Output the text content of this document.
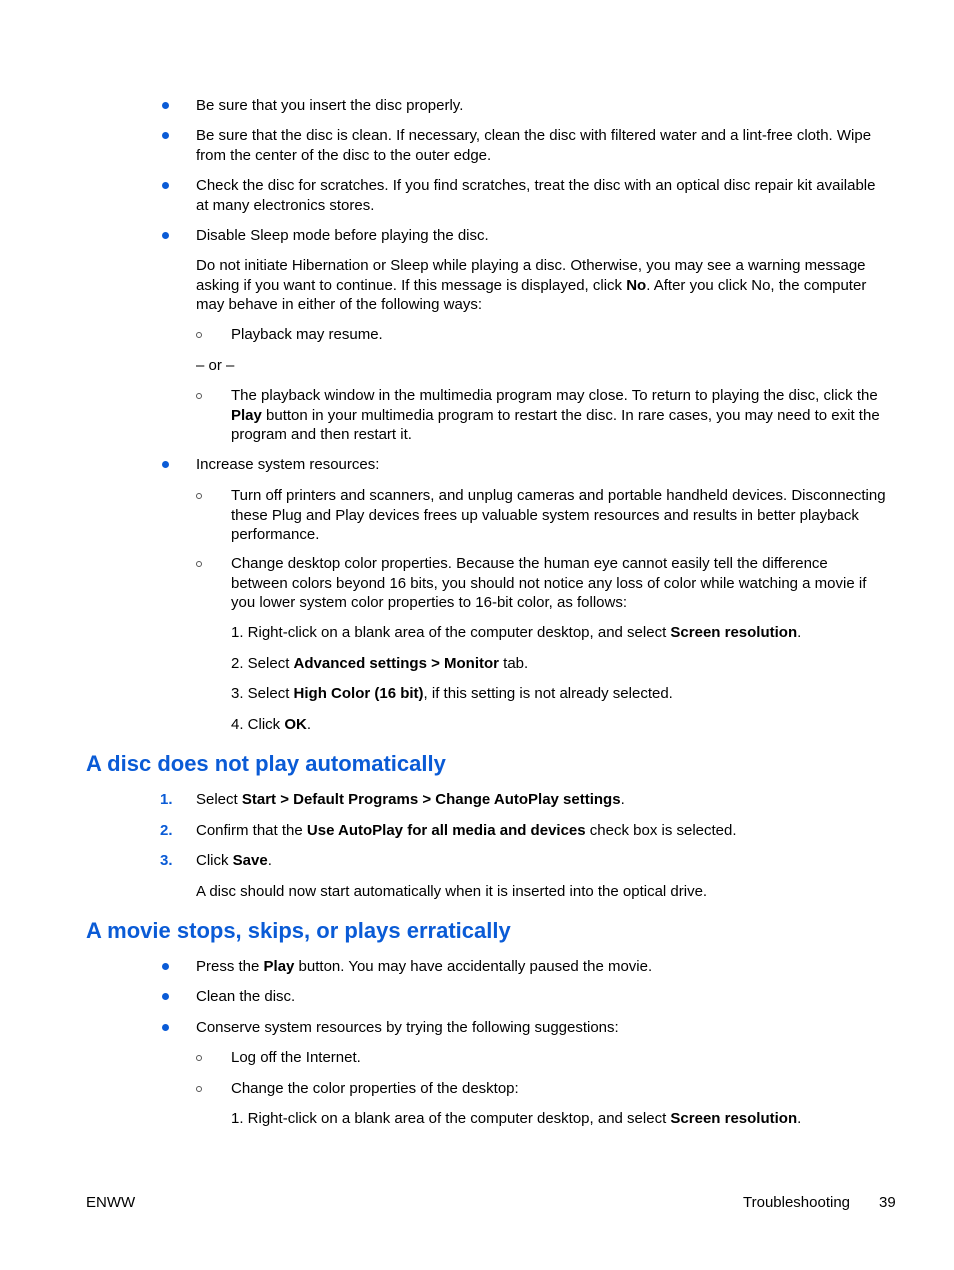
Be sure that you insert the disc properly.
Be sure that the disc is clean. If necessary, clean the disc with filtered water and a lint-free cloth. Wipe from the center of the disc to the outer edge.
Check the disc for scratches. If you find scratches, treat the disc with an optical disc repair kit available at many electronics stores.
Disable Sleep mode before playing the disc.
Do not initiate Hibernation or Sleep while playing a disc. Otherwise, you may see a warning message asking if you want to continue. If this message is displayed, click No. After you click No, the computer may behave in either of the following ways:
Playback may resume.
– or –
The playback window in the multimedia program may close. To return to playing the disc, click the Play button in your multimedia program to restart the disc. In rare cases, you may need to exit the program and then restart it.
Increase system resources:
Turn off printers and scanners, and unplug cameras and portable handheld devices. Disconnecting these Plug and Play devices frees up valuable system resources and results in better playback performance.
Change desktop color properties. Because the human eye cannot easily tell the difference between colors beyond 16 bits, you should not notice any loss of color while watching a movie if you lower system color properties to 16-bit color, as follows:
1. Right-click on a blank area of the computer desktop, and select Screen resolution.
2. Select Advanced settings > Monitor tab.
3. Select High Color (16 bit), if this setting is not already selected.
4. Click OK.
A disc does not play automatically
1. Select Start > Default Programs > Change AutoPlay settings.
2. Confirm that the Use AutoPlay for all media and devices check box is selected.
3. Click Save.
A disc should now start automatically when it is inserted into the optical drive.
A movie stops, skips, or plays erratically
Press the Play button. You may have accidentally paused the movie.
Clean the disc.
Conserve system resources by trying the following suggestions:
Log off the Internet.
Change the color properties of the desktop:
1. Right-click on a blank area of the computer desktop, and select Screen resolution.
ENWW	Troubleshooting 39
